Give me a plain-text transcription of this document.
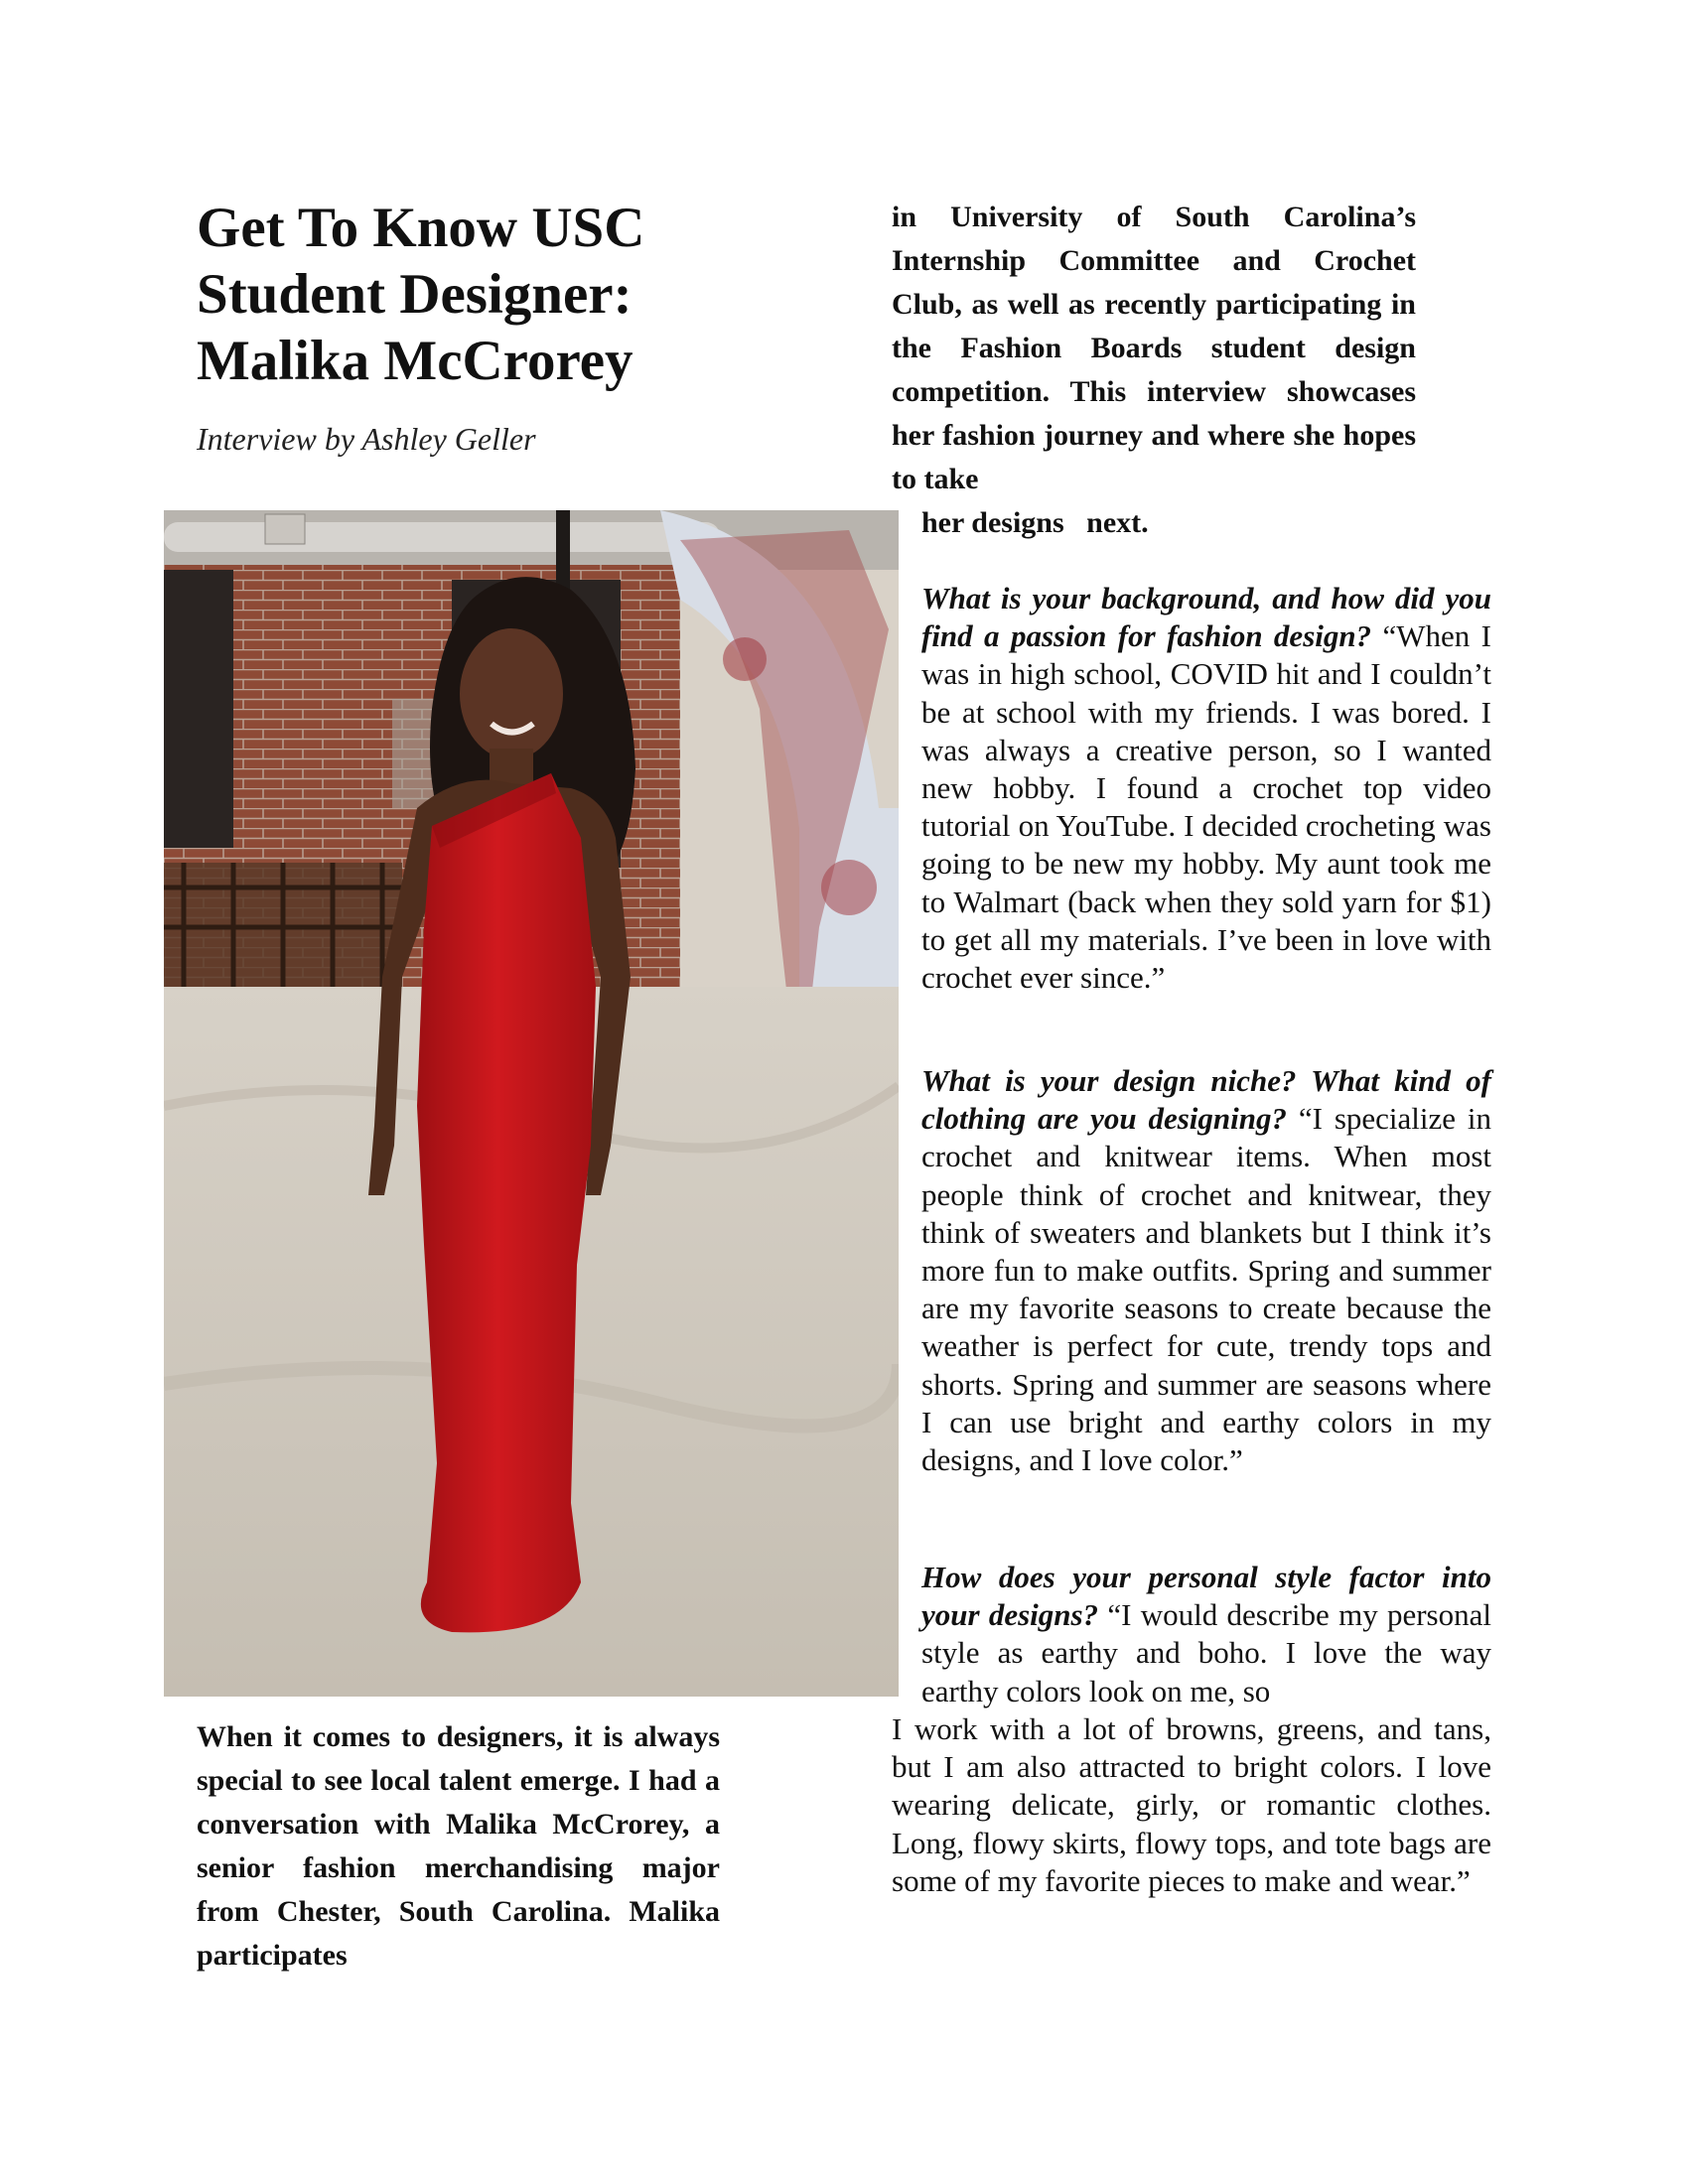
Get To Know USC
Student Designer:
Malika McCrorey

Interview by Ashley Geller

When it comes to designers, it is always special to see local talent emerge. I had a conversation with Malika McCrorey, a senior fashion merchandising major from Chester, South Carolina. Malika participates

in University of South Carolina’s Internship Committee and Crochet Club, as well as recently participating in the Fashion Boards student design competition. This interview showcases her fashion journey and where she hopes to take

her designs   next.

What is your background, and how did you find a passion for fashion design? “When I was in high school, COVID hit and I couldn’t be at school with my friends. I was bored. I was always a creative person, so I wanted new hobby. I found a crochet top video tutorial on YouTube. I decided crocheting was going to be new my hobby. My aunt took me to Walmart (back when they sold yarn for $1) to get all my materials. I’ve been in love with crochet ever since.”

What is your design niche? What kind of clothing are you designing? “I specialize in crochet and knitwear items. When most people think of crochet and knitwear, they think of sweaters and blankets but I think it’s more fun to make outfits. Spring and summer are my favorite seasons to create because the weather is perfect for cute, trendy tops and shorts. Spring and summer are seasons where I can use bright and earthy colors in my designs, and I love color.”

How does your personal style factor into your designs? “I would describe my personal style as earthy and boho. I love the way earthy colors look on me, so

I work with a lot of browns, greens, and tans, but I am also attracted to bright colors. I love wearing delicate, girly, or romantic clothes. Long, flowy skirts, flowy tops, and tote bags are some of my favorite pieces to make and wear.”
